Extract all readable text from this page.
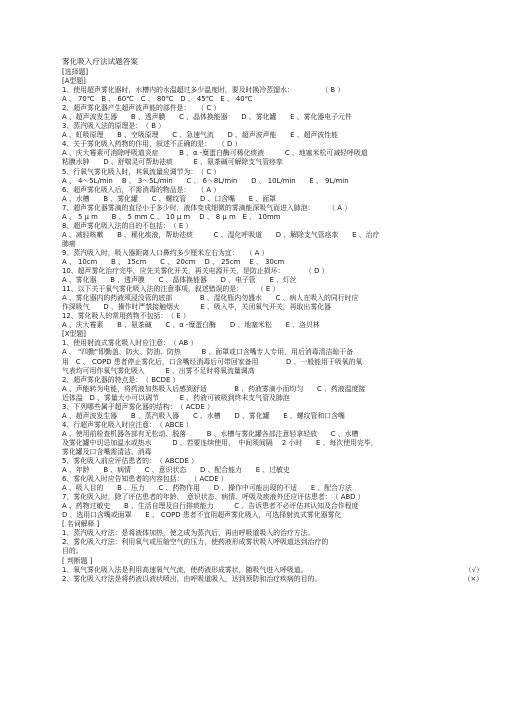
雾化吸入疗法试题答案
[选择题]
[A型题]
1、使用超声雾化器时，水槽内的水温超过多少温度时，要及时换冷蒸馏水：　　　　　（ B ）
A 、 70℃　B 、 60℃　C 、 80℃　D 、 45℃　E 、 40℃
2、超声雾化器产生超声波声能的部件是：　　（ C ）
A 、超声波发生器　　B 、透声膜　　C 、晶体换能器　　D 、雾化罐　　E 、雾化器电子元件
3、蒸汽吸入法的原理是：　（ B ）
A 、虹吸原理　　B 、空吸原理　　C 、急速气流　　D 、超声波声能　　E 、超声波性能
4、关于雾化吸入药物的作用，叙述不正确的是：　　（ D ）
A 、庆大霉素可消除呼吸道炎症　　　B 、α -糜蛋白酶可稀化痰液　　　C 、地塞米松可减轻呼吸道
粘膜水肿　　D 、舒喘灵可帮助祛痰　　　E 、氨茶碱可解除支气管痉挛
5、行氧气雾化吸入时，其氧流量应调节为：　（ C ）
A 、 4～5L/min　 B 、 3～5L/min　　C 、 6～8L/min　　D 、 10L/min　　E 、 9L/min
6、超声雾化吸入后，不需消毒的物品是：　　（ A ）
A 、水槽　　B 、雾化罐　　C 、螺纹管　　D 、口含嘴　　E 、面罩
7、超声雾化器雾滴的直径小于多少时，液体变成细微的雾滴能深吸气而进入肺泡：　　　（ A ）
A 、 5 μ m　　B 、 5 mm C 、 10 μ m　 D 、 8 μ m　E 、 10mm
8、超声雾化吸入法的目的不包括：　（ E ）
A 、减轻咳嗽　　B 、稀化痰液，帮助祛痰　　　C 、湿化呼吸道　　D 、解除支气管痉挛　　E 、治疗
肺癌
9、蒸汽吸入时，吸入器距离人口鼻约多少厘米左右为宜：　　（ A ）
A 、 10cm　　B 、 15cm　　C 、 20cm　 D 、 25cm　 E 、 30cm
10、超声雾化治疗完毕，应先关雾化开关，再关电源开关，是防止损坏：　　　　（ D ）
A 、雾化器　　B 、透声膜　　C 、晶体换能器　　D 、电子管　　E 、灯丝
11、以下关于氧气雾化吸入法的注意事项，叙述错误的是：　　　（ E ）
A 、雾化器内的药液须浸没管的底部　　　　B 、湿化瓶内勿盛水　　C 、病人在吸入的同行时应
作深吸气　　D 、操作时严禁接触烟火　　　E 、吸入毕，关闭氧气开关，再取出雾化器
12、雾化吸入的常用药物不包括：　（ E ）
A 、庆大霉素　　B 、氨茶碱　　C 、α -糜蛋白酶　　D 、地塞米松　　E 、洛贝林
[X型题]
1、使用射流式雾化吸入时应注意：　（ AB ）
A 、 "四勤"即勤盖、防火、防油、防热　　　B 、面罩或口含嘴专人专用，用后消毒清洁晾干备
用　C 、 COPD 患者停止雾化后，口含嘴经消毒后可带回家备用　　　　D 、一般能用于吸氧的氧
气表均可用作氧气雾化吸入　　　E 、出雾不足时将氧流量调高
2、超声雾化器的特点是：　（ BCDE ）
A 、声能转为电能，将药液加热吸入后感到舒适　　　　B 、药液雾滴小而均匀　　C 、药液温度接
近体温　D 、雾量大小可以调节　　　E 、药液可被吸到终末支气管及肺泡
3、下列哪些属于超声雾化器的结构：　（ ACDE ）
A 、超声波发生器　　B 、蒸汽吸入器　　C 、水槽　　D 、雾化罐　　E 、螺纹管和口含嘴
4、行超声雾化吸入时应注意：　（ ABCE ）
A 、使用前检查机器各部有无松动、脱落　　　B 、水槽与雾化罐各部注意轻拿轻放　　C 、水槽
及雾化罐中切忌加温水或热水　　　D 、若要连续使用，　中间须间隔　 2 小时　　E 、每次使用完毕，
雾化罐及口含嘴需清洁、消毒
5、雾化吸入前应评估患者的：　（ ABCDE ）
A 、年龄　　B 、病情　　C 、意识状态　　D 、配合能力　　E 、过敏史
6、雾化吸入时应告知患者的内容包括：　　（ ACDE ）
A 、吸入目的　　B 、压力　　C 、药物作用　　D 、操作中可能出现的不适　　E 、配合方法
7、雾化吸入时，除了评估患者的年龄、　意识状态、病情、呼吸及痰液外还应评估患者：　（ ABD ）
A 、药物过敏史　　B 、生活自理及自行排痰能力　　　C 、告诉患者不必评估其认知及合作程度
D 、选用口含嘴或面罩　　E 、 COPD 患者不宜用超声雾化吸入，可选择射流式雾化器雾化
[ 名词解释 ]
1、蒸汽吸入疗法：是将液体加热，使之成为蒸汽后，再由呼吸道吸入的治疗方法。
2、雾化吸入疗法：利用氧气或压缩空气的压力，使药液形成雾状吸入呼吸道达到治疗的
目的。
[ 判断题 ]
1、氧气雾化吸入法是利用高速氧气气流，使药液形成雾状，随吸气进入呼吸道。	（√）
2、雾化吸入疗法是将药液以液状喷出，由呼吸道吸入，达到预防和治疗疾病的目的。	（×）
